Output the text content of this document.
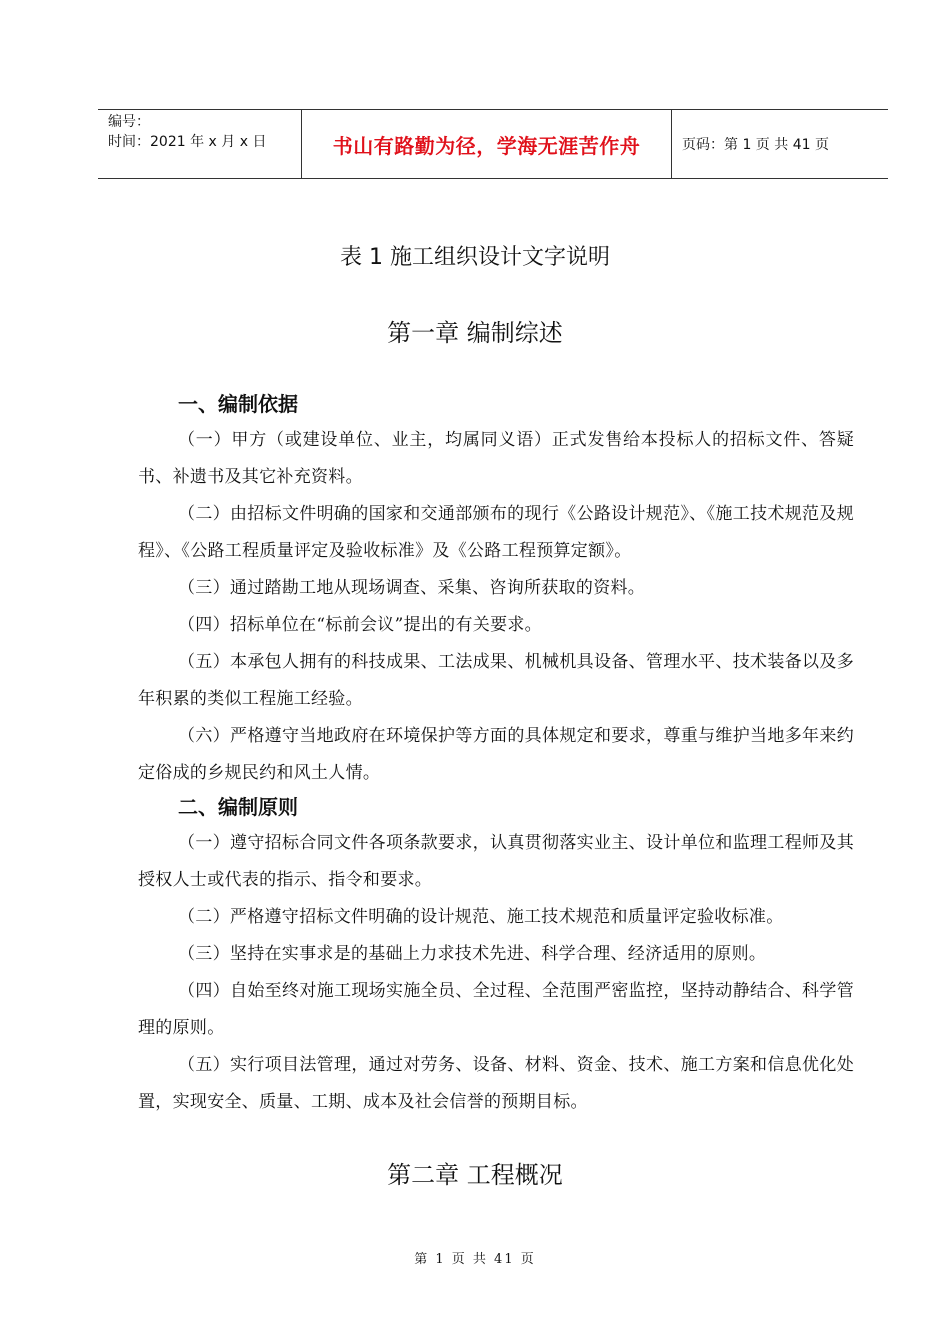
编号：
时间：2021 年 x 月 x 日	书山有路勤为径，学海无涯苦作舟	页码：第 1 页 共 41 页
表 1 施工组织设计文字说明
第一章 编制综述
一、编制依据

（一）甲方（或建设单位、业主，均属同义语）正式发售给本投标人的招标文件、答疑书、补遗书及其它补充资料。

（二）由招标文件明确的国家和交通部颁布的现行《公路设计规范》、《施工技术规范及规程》、《公路工程质量评定及验收标准》及《公路工程预算定额》。

（三）通过踏勘工地从现场调查、采集、咨询所获取的资料。

（四）招标单位在“标前会议”提出的有关要求。

（五）本承包人拥有的科技成果、工法成果、机械机具设备、管理水平、技术装备以及多年积累的类似工程施工经验。

（六）严格遵守当地政府在环境保护等方面的具体规定和要求，尊重与维护当地多年来约定俗成的乡规民约和风土人情。

二、编制原则

（一）遵守招标合同文件各项条款要求，认真贯彻落实业主、设计单位和监理工程师及其授权人士或代表的指示、指令和要求。

（二）严格遵守招标文件明确的设计规范、施工技术规范和质量评定验收标准。

（三）坚持在实事求是的基础上力求技术先进、科学合理、经济适用的原则。

（四）自始至终对施工现场实施全员、全过程、全范围严密监控，坚持动静结合、科学管理的原则。

（五）实行项目法管理，通过对劳务、设备、材料、资金、技术、施工方案和信息优化处置，实现安全、质量、工期、成本及社会信誉的预期目标。

第二章 工程概况
第 1 页 共 41 页
